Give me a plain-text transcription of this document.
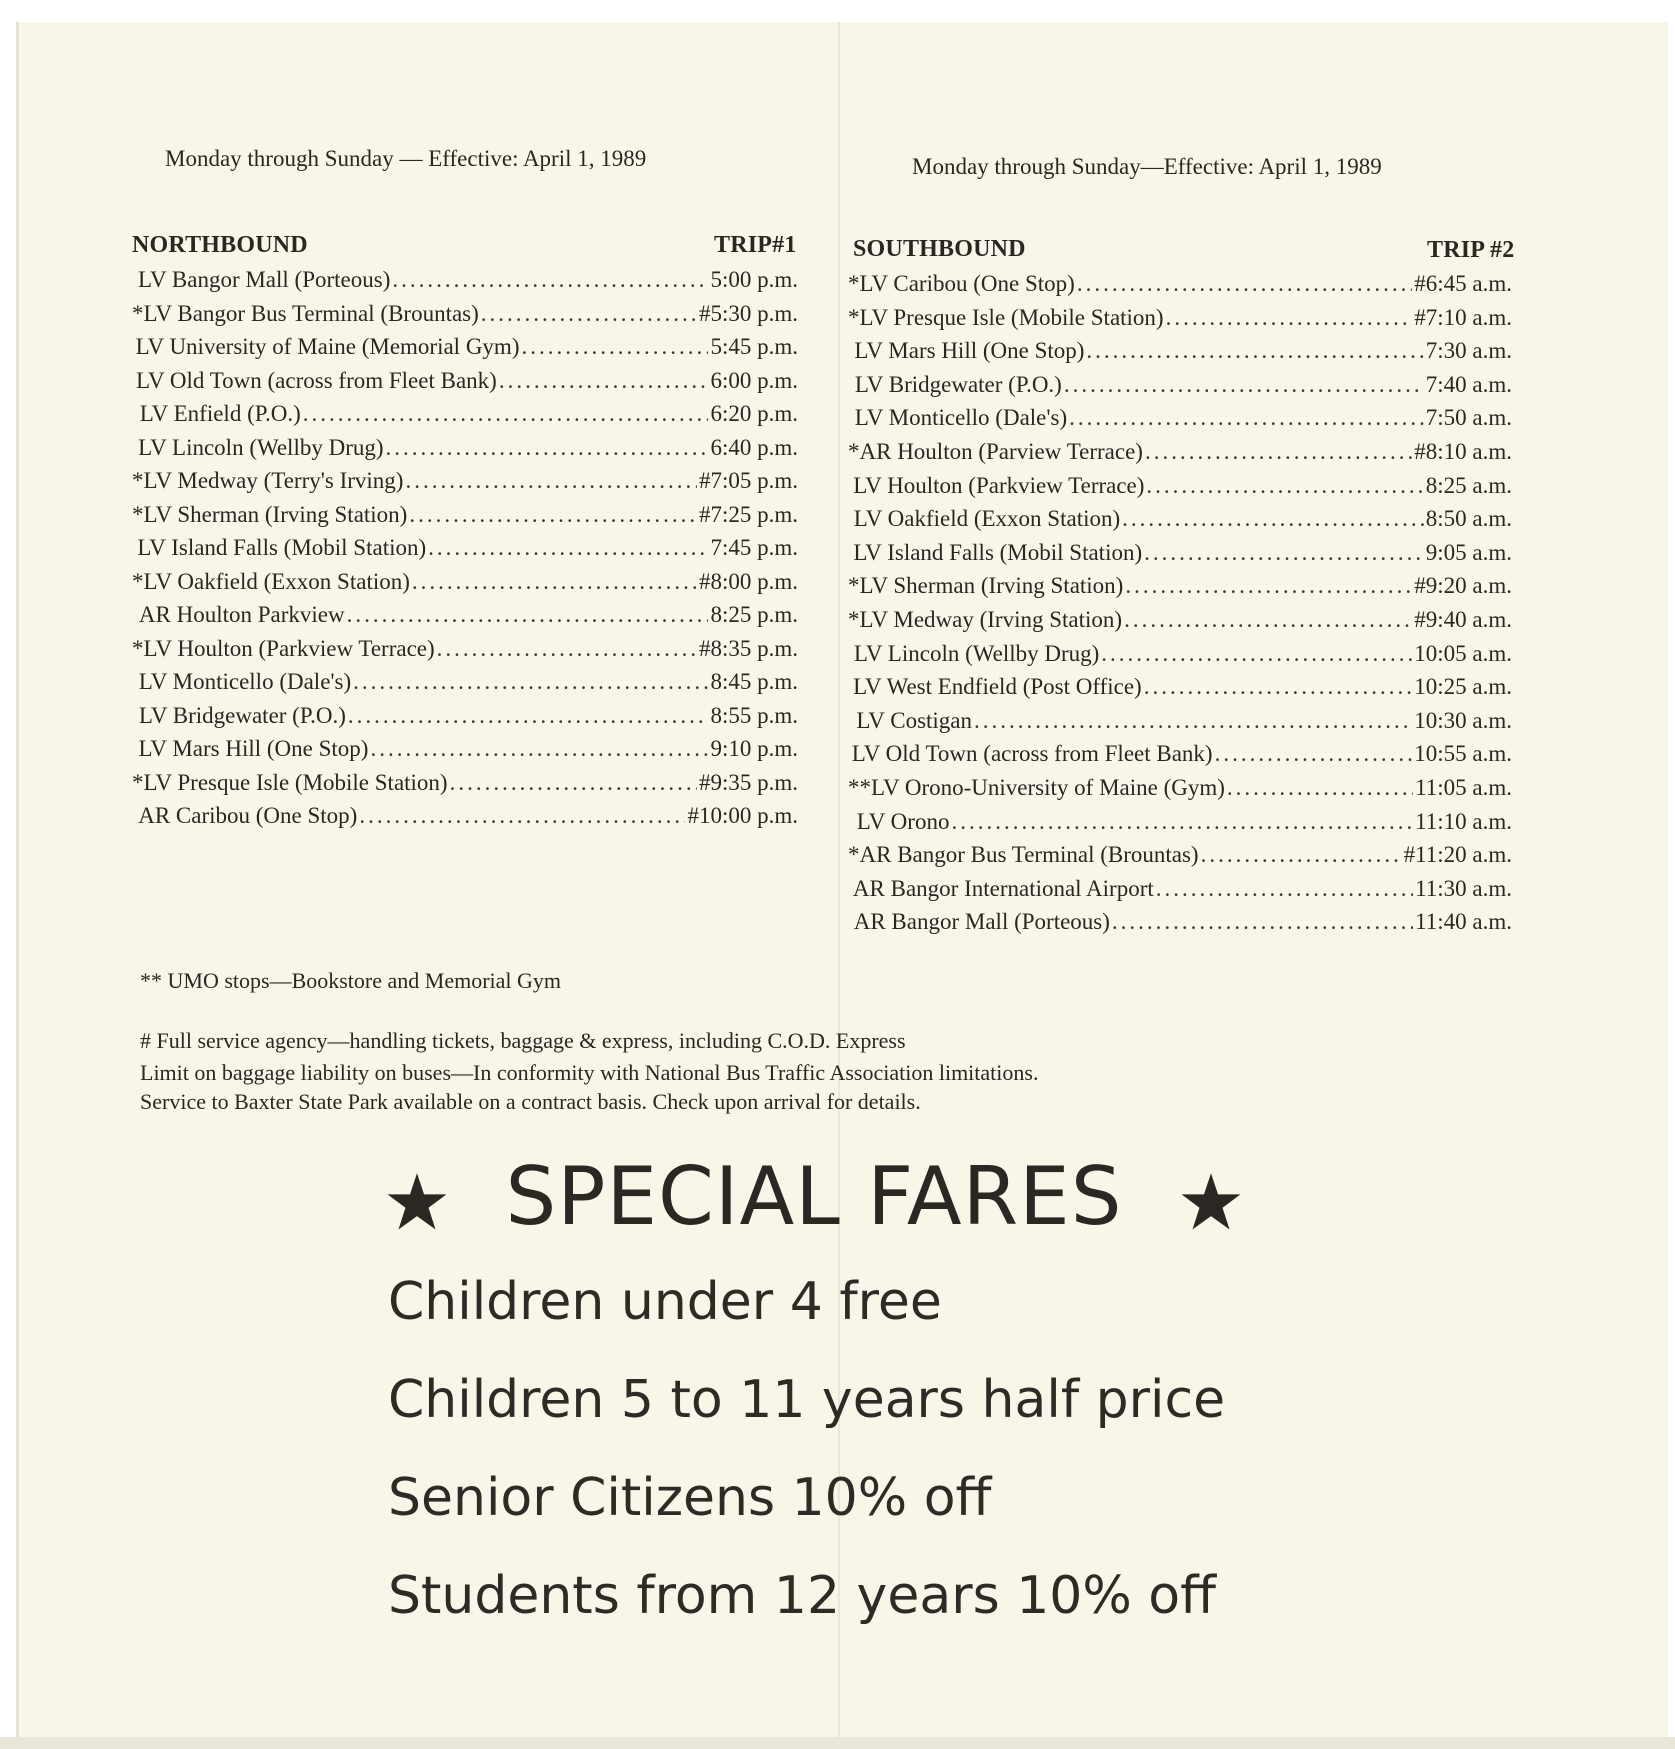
Monday through Sunday — Effective: April 1, 1989	Monday through Sunday—Effective: April 1, 1989
NORTHBOUND	TRIP#1
LV Bangor Mall (Porteous) .....	5:00 p.m.
* LV Bangor Bus Terminal (Brountas) .....	#5:30 p.m.
LV University of Maine (Memorial Gym) .....	5:45 p.m.
LV Old Town (across from Fleet Bank) .....	6:00 p.m.
LV Enfield (P.O.) .....	6:20 p.m.
LV Lincoln (Wellby Drug) .....	6:40 p.m.
* LV Medway (Terry's Irving) .....	#7:05 p.m.
* LV Sherman (Irving Station) .....	#7:25 p.m.
LV Island Falls (Mobil Station) .....	7:45 p.m.
* LV Oakfield (Exxon Station) .....	#8:00 p.m.
AR Houlton Parkview .....	8:25 p.m.
* LV Houlton (Parkview Terrace) .....	#8:35 p.m.
LV Monticello (Dale's) .....	8:45 p.m.
LV Bridgewater (P.O.) .....	8:55 p.m.
LV Mars Hill (One Stop) .....	9:10 p.m.
* LV Presque Isle (Mobile Station) .....	#9:35 p.m.
AR Caribou (One Stop) .....	#10:00 p.m.
SOUTHBOUND	TRIP #2
* LV Caribou (One Stop) .....	#6:45 a.m.
* LV Presque Isle (Mobile Station) .....	#7:10 a.m.
LV Mars Hill (One Stop) .....	7:30 a.m.
LV Bridgewater (P.O.) .....	7:40 a.m.
LV Monticello (Dale's) .....	7:50 a.m.
* AR Houlton (Parview Terrace) .....	#8:10 a.m.
LV Houlton (Parkview Terrace) .....	8:25 a.m.
LV Oakfield (Exxon Station) .....	8:50 a.m.
LV Island Falls (Mobil Station) .....	9:05 a.m.
* LV Sherman (Irving Station) .....	#9:20 a.m.
* LV Medway (Irving Station) .....	#9:40 a.m.
LV Lincoln (Wellby Drug) .....	10:05 a.m.
LV West Endfield (Post Office) .....	10:25 a.m.
LV Costigan .....	10:30 a.m.
LV Old Town (across from Fleet Bank) .....	10:55 a.m.
** LV Orono-University of Maine (Gym) .....	11:05 a.m.
LV Orono .....	11:10 a.m.
* AR Bangor Bus Terminal (Brountas) .....	#11:20 a.m.
AR Bangor International Airport .....	11:30 a.m.
AR Bangor Mall (Porteous) .....	11:40 a.m.
** UMO stops—Bookstore and Memorial Gym
# Full service agency—handling tickets, baggage & express, including C.O.D. Express
Limit on baggage liability on buses—In conformity with National Bus Traffic Association limitations.
Service to Baxter State Park available on a contract basis. Check upon arrival for details.
SPECIAL FARES
Children under 4 free
Children 5 to 11 years half price
Senior Citizens 10% off
Students from 12 years 10% off
